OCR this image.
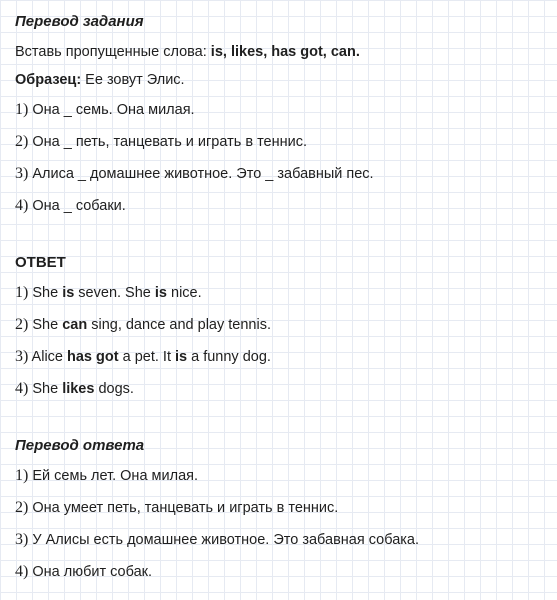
Перевод задания
Вставь пропущенные слова: is, likes, has got, can.
Образец: Ее зовут Элис.
1) Она _ семь. Она милая.
2) Она _ петь, танцевать и играть в теннис.
3) Алиса _ домашнее животное. Это _ забавный пес.
4) Она _ собаки.
ОТВЕТ
1) She is seven. She is nice.
2) She can sing, dance and play tennis.
3) Alice has got a pet. It is a funny dog.
4) She likes dogs.
Перевод ответа
1) Ей семь лет. Она милая.
2) Она умеет петь, танцевать и играть в теннис.
3) У Алисы есть домашнее животное. Это забавная собака.
4) Она любит собак.
